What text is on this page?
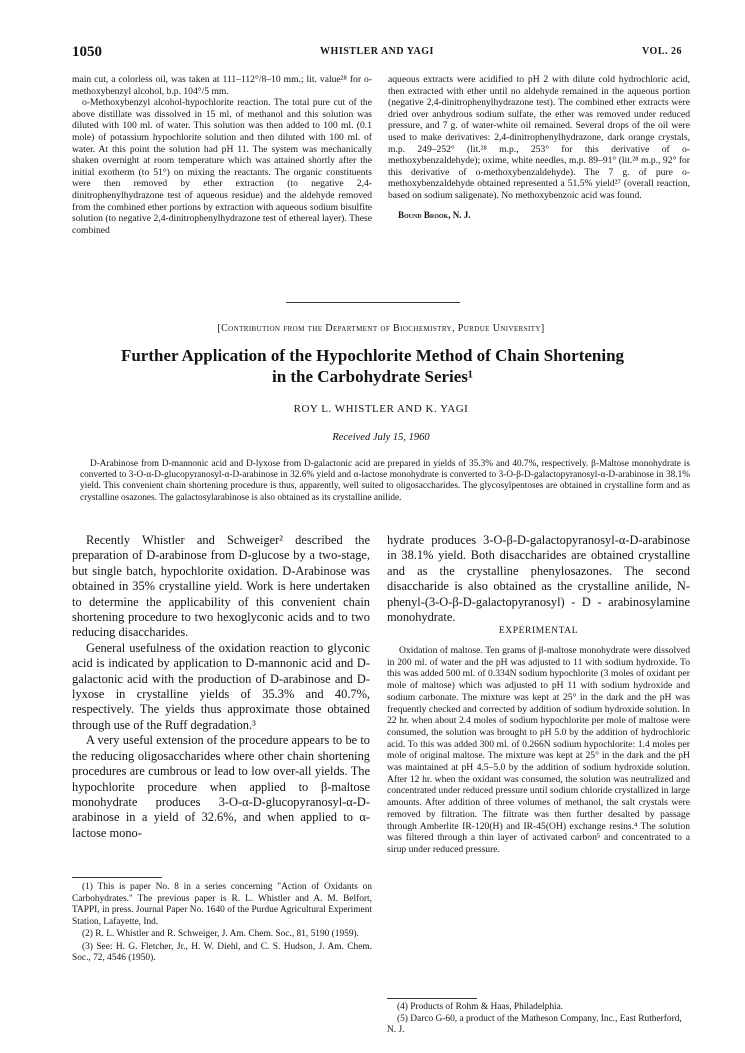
1050	WHISTLER AND YAGI	VOL. 26

main cut, a colorless oil, was taken at 111–112°/8–10 mm.; lit. value²⁸ for o-methoxybenzyl alcohol, b.p. 104°/5 mm.

o-Methoxybenzyl alcohol-hypochlorite reaction. The total pure cut of the above distillate was dissolved in 15 ml. of methanol and this solution was diluted with 100 ml. of water. This solution was then added to 100 ml. (0.1 mole) of potassium hypochlorite solution and then diluted with 100 ml. of water. At this point the solution had pH 11. The system was mechanically shaken overnight at room temperature which was attained shortly after the initial exotherm (to 51°) on mixing the reactants. The organic constituents were then removed by ether extraction (to negative 2,4-dinitrophenylhydrazone test of aqueous residue) and the aldehyde removed from the combined ether portions by extraction with aqueous sodium bisulfite solution (to negative 2,4-dinitrophenylhydrazone test of ethereal layer). These combined

aqueous extracts were acidified to pH 2 with dilute cold hydrochloric acid, then extracted with ether until no aldehyde remained in the aqueous portion (negative 2,4-dinitrophenylhydrazone test). The combined ether extracts were dried over anhydrous sodium sulfate, the ether was removed under reduced pressure, and 7 g. of water-white oil remained. Several drops of the oil were used to make derivatives: 2,4-dinitrophenylhydrazone, dark orange crystals, m.p. 249–252° (lit.²⁸ m.p., 253° for this derivative of o-methoxybenzaldehyde); oxime, white needles, m.p. 89–91° (lit.²⁸ m.p., 92° for this derivative of o-methoxybenzaldehyde). The 7 g. of pure o-methoxybenzaldehyde obtained represented a 51.5% yield²⁷ (overall reaction, based on sodium saligenate). No methoxybenzoic acid was found.

Bound Brook, N. J.
[Contribution from the Department of Biochemistry, Purdue University]
Further Application of the Hypochlorite Method of Chain Shortening in the Carbohydrate Series¹
ROY L. WHISTLER AND K. YAGI
Received July 15, 1960

D-Arabinose from D-mannonic acid and D-lyxose from D-galactonic acid are prepared in yields of 35.3% and 40.7%, respectively. β-Maltose monohydrate is converted to 3-O-α-D-glucopyranosyl-α-D-arabinose in 32.6% yield and α-lactose monohydrate is converted to 3-O-β-D-galactopyranosyl-α-D-arabinose in 38.1% yield. This convenient chain shortening procedure is thus, apparently, well suited to oligosaccharides. The glycosylpentoses are obtained in crystalline form and as crystalline osazones. The galactosylarabinose is also obtained as its crystalline anilide.

Recently Whistler and Schweiger² described the preparation of D-arabinose from D-glucose by a two-stage, but single batch, hypochlorite oxidation. D-Arabinose was obtained in 35% crystalline yield. Work is here undertaken to determine the applicability of this convenient chain shortening procedure to two hexoglyconic acids and to two reducing disaccharides.

General usefulness of the oxidation reaction to glyconic acid is indicated by application to D-mannonic acid and D-galactonic acid with the production of D-arabinose and D-lyxose in crystalline yields of 35.3% and 40.7%, respectively. The yields thus approximate those obtained through use of the Ruff degradation.³

A very useful extension of the procedure appears to be to the reducing oligosaccharides where other chain shortening procedures are cumbrous or lead to low over-all yields. The hypochlorite procedure when applied to β-maltose monohydrate produces 3-O-α-D-glucopyranosyl-α-D-arabinose in a yield of 32.6%, and when applied to α-lactose mono-

hydrate produces 3-O-β-D-galactopyranosyl-α-D-arabinose in 38.1% yield. Both disaccharides are obtained crystalline and as the crystalline phenylosazones. The second disaccharide is also obtained as the crystalline anilide, N-phenyl-(3-O-β-D-galactopyranosyl) - D - arabinosylamine monohydrate.

EXPERIMENTAL

Oxidation of maltose. Ten grams of β-maltose monohydrate were dissolved in 200 ml. of water and the pH was adjusted to 11 with sodium hydroxide. To this was added 500 ml. of 0.334N sodium hypochlorite (3 moles of oxidant per mole of maltose) which was adjusted to pH 11 with sodium hydroxide and sodium carbonate. The mixture was kept at 25° in the dark and the pH was frequently checked and corrected by addition of sodium hydroxide solution. In 22 hr. when about 2.4 moles of sodium hypochlorite per mole of maltose were consumed, the solution was brought to pH 5.0 by the addition of hydrochloric acid. To this was added 300 ml. of 0.266N sodium hypochlorite: 1.4 moles per mole of original maltose. The mixture was kept at 25° in the dark and the pH was maintained at pH 4.5–5.0 by the addition of sodium hydroxide solution. After 12 hr. when the oxidant was consumed, the solution was neutralized and concentrated under reduced pressure until sodium chloride crystallized in large amounts. After addition of three volumes of methanol, the salt crystals were removed by filtration. The filtrate was then further desalted by passage through Amberlite IR-120(H) and IR-45(OH) exchange resins.⁴ The solution was filtered through a thin layer of activated carbon⁵ and concentrated to a sirup under reduced pressure.

(1) This is paper No. 8 in a series concerning "Action of Oxidants on Carbohydrates." The previous paper is R. L. Whistler and A. M. Belfort, TAPPI, in press. Journal Paper No. 1640 of the Purdue Agricultural Experiment Station, Lafayette, Ind.

(2) R. L. Whistler and R. Schweiger, J. Am. Chem. Soc., 81, 5190 (1959).

(3) See: H. G. Fletcher, Jr., H. W. Diehl, and C. S. Hudson, J. Am. Chem. Soc., 72, 4546 (1950).

(4) Products of Rohm & Haas, Philadelphia.

(5) Darco G-60, a product of the Matheson Company, Inc., East Rutherford, N. J.
